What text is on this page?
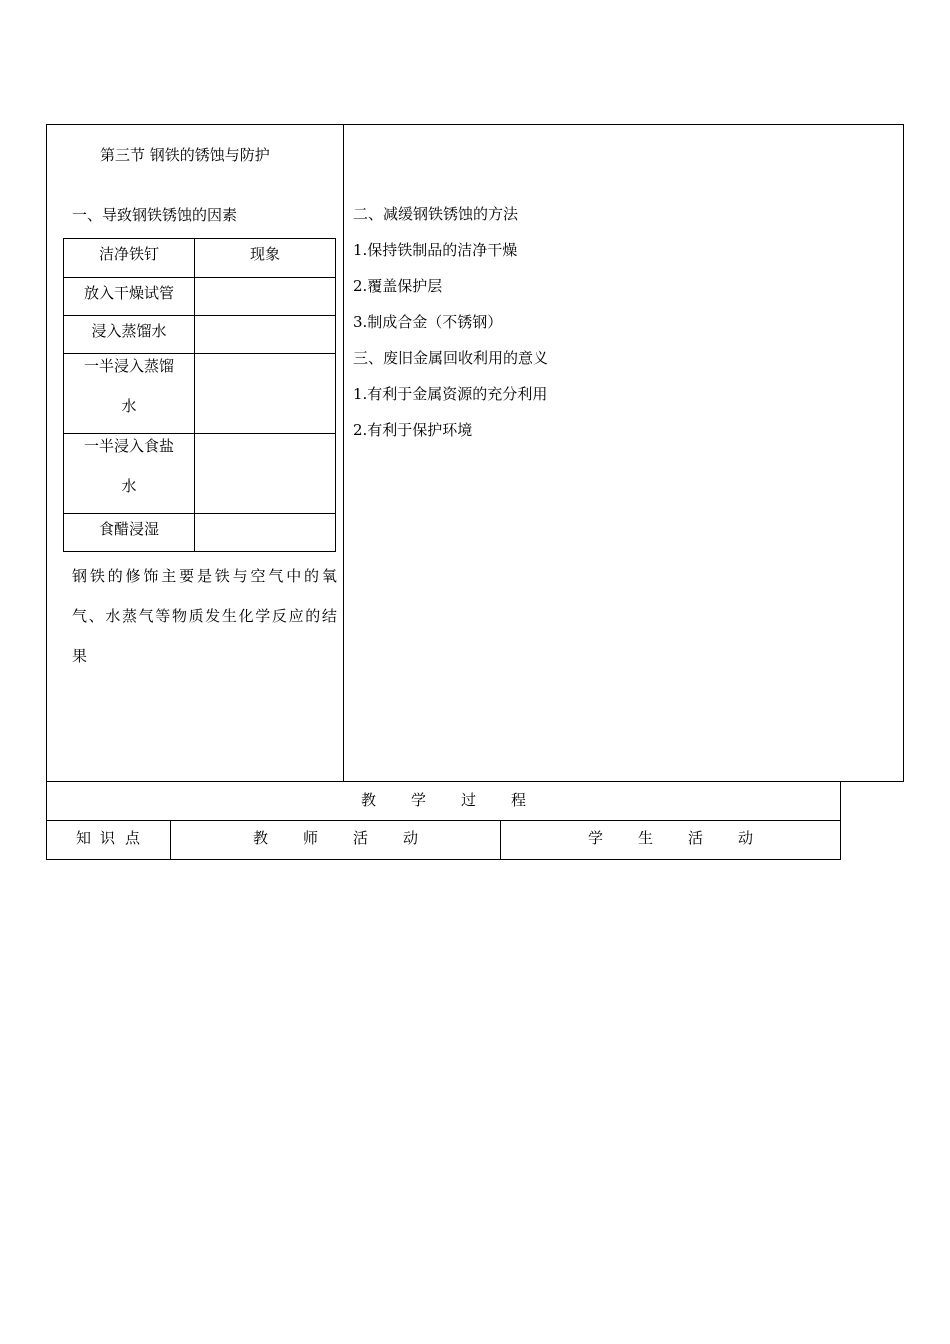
第三节 钢铁的锈蚀与防护
一、导致钢铁锈蚀的因素
洁净铁钉	现象
放入干燥试管	
浸入蒸馏水	

一半浸入蒸馏水	

一半浸入食盐水	

食醋浸湿	
钢铁的修饰主要是铁与空气中的氧气、水蒸气等物质发生化学反应的结果
二、减缓钢铁锈蚀的方法
1.保持铁制品的洁净干燥
2.覆盖保护层
3.制成合金（不锈钢）
三、废旧金属回收利用的意义
1.有利于金属资源的充分利用
2.有利于保护环境
教 学 过 程
知 识 点	教 师 活 动	学 生 活 动
